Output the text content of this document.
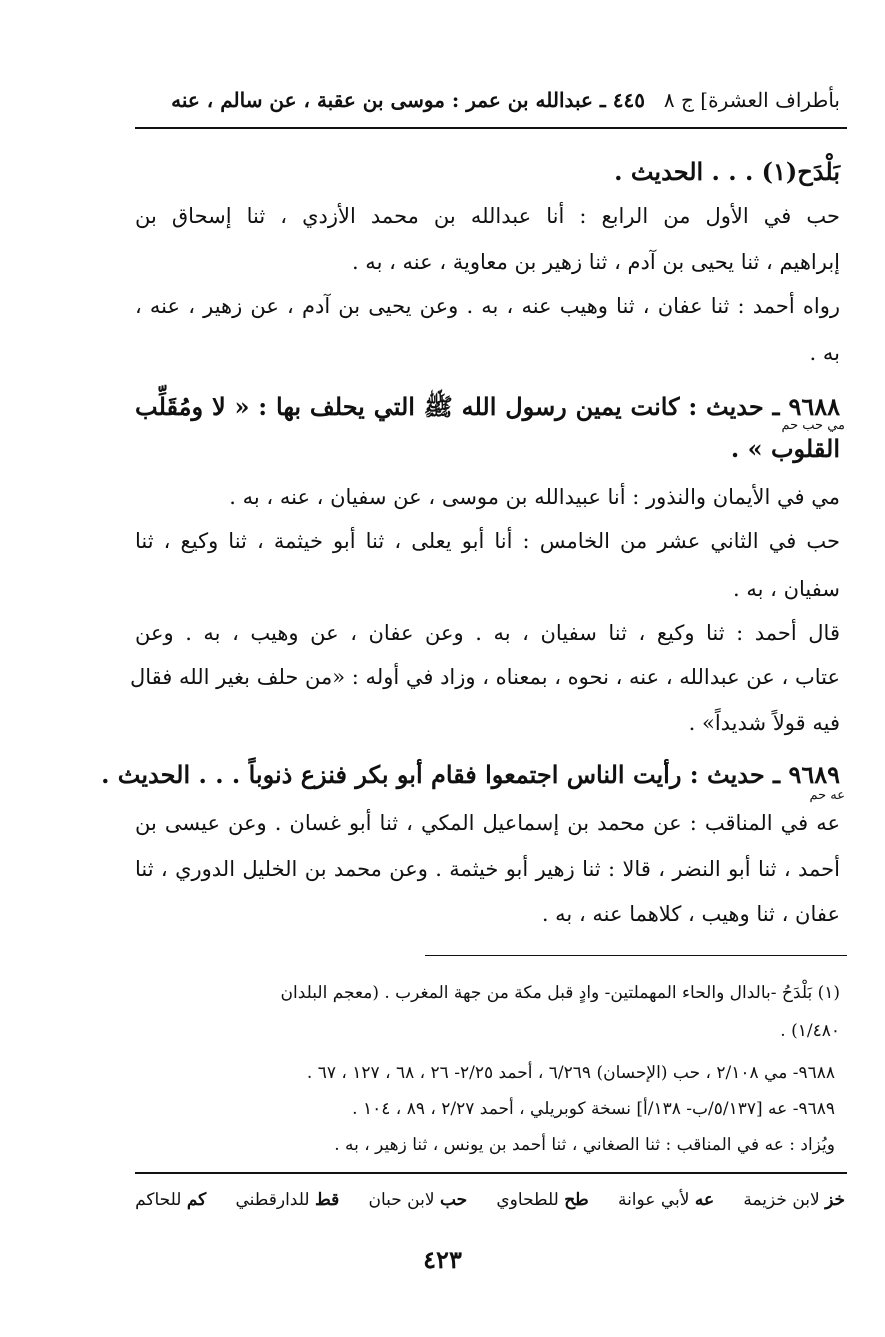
بأطراف العشرة] ج ٨
٤٤٥ ـ عبدالله بن عمر : موسى بن عقبة ، عن سالم ، عنه
بَلْدَح(١) . . . الحديث .
حب في الأول من الرابع : أنا عبدالله بن محمد الأزدي ، ثنا إسحاق بن
إبراهيم ، ثنا يحيى بن آدم ، ثنا زهير بن معاوية ، عنه ، به .
رواه أحمد : ثنا عفان ، ثنا وهيب عنه ، به . وعن يحيى بن آدم ، عن زهير ، عنه ،
به .
٩٦٨٨ ـ حديث : كانت يمين رسول الله ﷺ التي يحلف بها : « لا ومُقَلِّب
مي حب حم
القلوب » .
مي في الأيمان والنذور : أنا عبيدالله بن موسى ، عن سفيان ، عنه ، به .
حب في الثاني عشر من الخامس : أنا أبو يعلى ، ثنا أبو خيثمة ، ثنا وكيع ، ثنا
سفيان ، به .
قال أحمد : ثنا وكيع ، ثنا سفيان ، به . وعن عفان ، عن وهيب ، به . وعن
عتاب ، عن عبدالله ، عنه ، نحوه ، بمعناه ، وزاد في أوله : «من حلف بغير الله فقال
فيه قولاً شديداً» .
٩٦٨٩ ـ حديث : رأيت الناس اجتمعوا فقام أبو بكر فنزع ذنوباً . . . الحديث .
عه حم
عه في المناقب : عن محمد بن إسماعيل المكي ، ثنا أبو غسان . وعن عيسى بن
أحمد ، ثنا أبو النضر ، قالا : ثنا زهير أبو خيثمة . وعن محمد بن الخليل الدوري ، ثنا
عفان ، ثنا وهيب ، كلاهما عنه ، به .
(١) بَلْدَحُ -بالدال والحاء المهملتين- وادٍ قبل مكة من جهة المغرب . (معجم البلدان
١/٤٨٠) .
٩٦٨٨- مي ٢/١٠٨ ، حب (الإحسان) ٦/٢٦٩ ، أحمد ٢/٢٥- ٢٦ ، ٦٨ ، ١٢٧ ، ٦٧ .
٩٦٨٩- عه [٥/١٣٧/ب- ١٣٨/أ] نسخة كوبريلي ، أحمد ٢/٢٧ ، ٨٩ ، ١٠٤ .
ويُزاد : عه في المناقب : ثنا الصغاني ، ثنا أحمد بن يونس ، ثنا زهير ، به .
خز لابن خزيمة
عه لأبي عوانة
طح للطحاوي
حب لابن حبان
قط للدارقطني
كم للحاكم
٤٢٣
